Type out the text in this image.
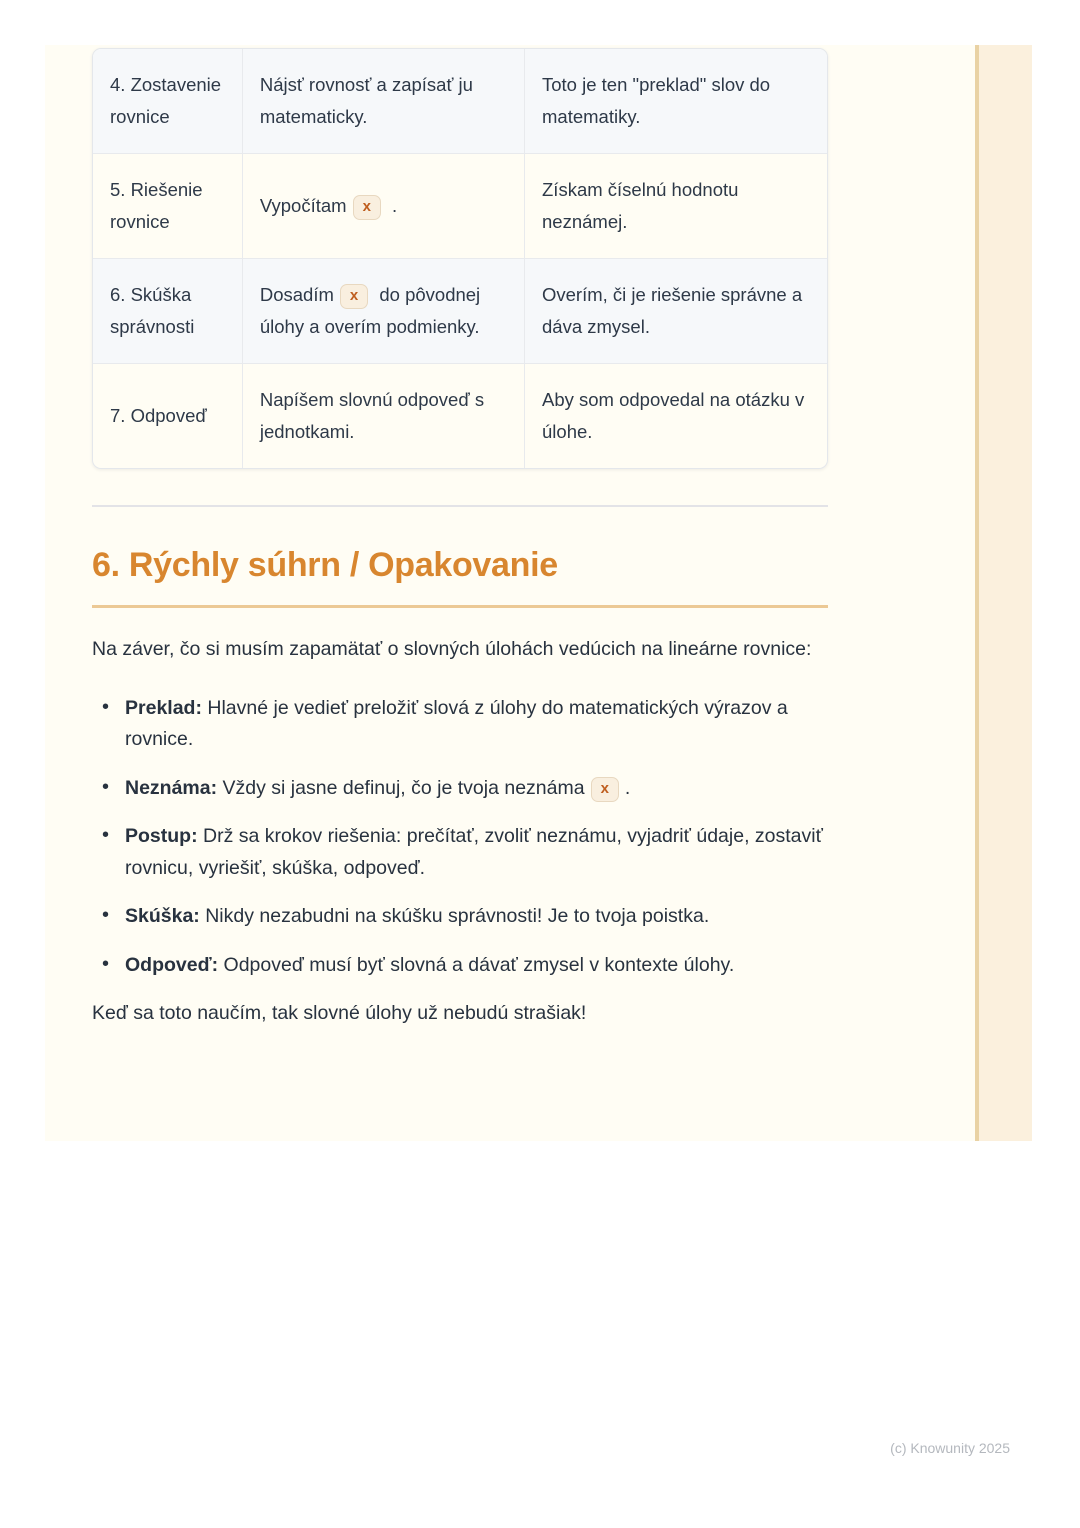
4. Zostavenie rovnice	Nájsť rovnosť a zapísať ju matematicky.	Toto je ten "preklad" slov do matematiky.
5. Riešenie rovnice	Vypočítam x .	Získam číselnú hodnotu neznámej.
6. Skúška správnosti	Dosadím x do pôvodnej úlohy a overím podmienky.	Overím, či je riešenie správne a dáva zmysel.
7. Odpoveď	Napíšem slovnú odpoveď s jednotkami.	Aby som odpovedal na otázku v úlohe.
6. Rýchly súhrn / Opakovanie

Na záver, čo si musím zapamätať o slovných úlohách vedúcich na lineárne rovnice:

• Preklad: Hlavné je vedieť preložiť slová z úlohy do matematických výrazov a rovnice.
• Neznáma: Vždy si jasne definuj, čo je tvoja neznáma x .
• Postup: Drž sa krokov riešenia: prečítať, zvoliť neznámu, vyjadriť údaje, zostaviť rovnicu, vyriešiť, skúška, odpoveď.
• Skúška: Nikdy nezabudni na skúšku správnosti! Je to tvoja poistka.
• Odpoveď: Odpoveď musí byť slovná a dávať zmysel v kontexte úlohy.

Keď sa toto naučím, tak slovné úlohy už nebudú strašiak!

(c) Knowunity 2025
